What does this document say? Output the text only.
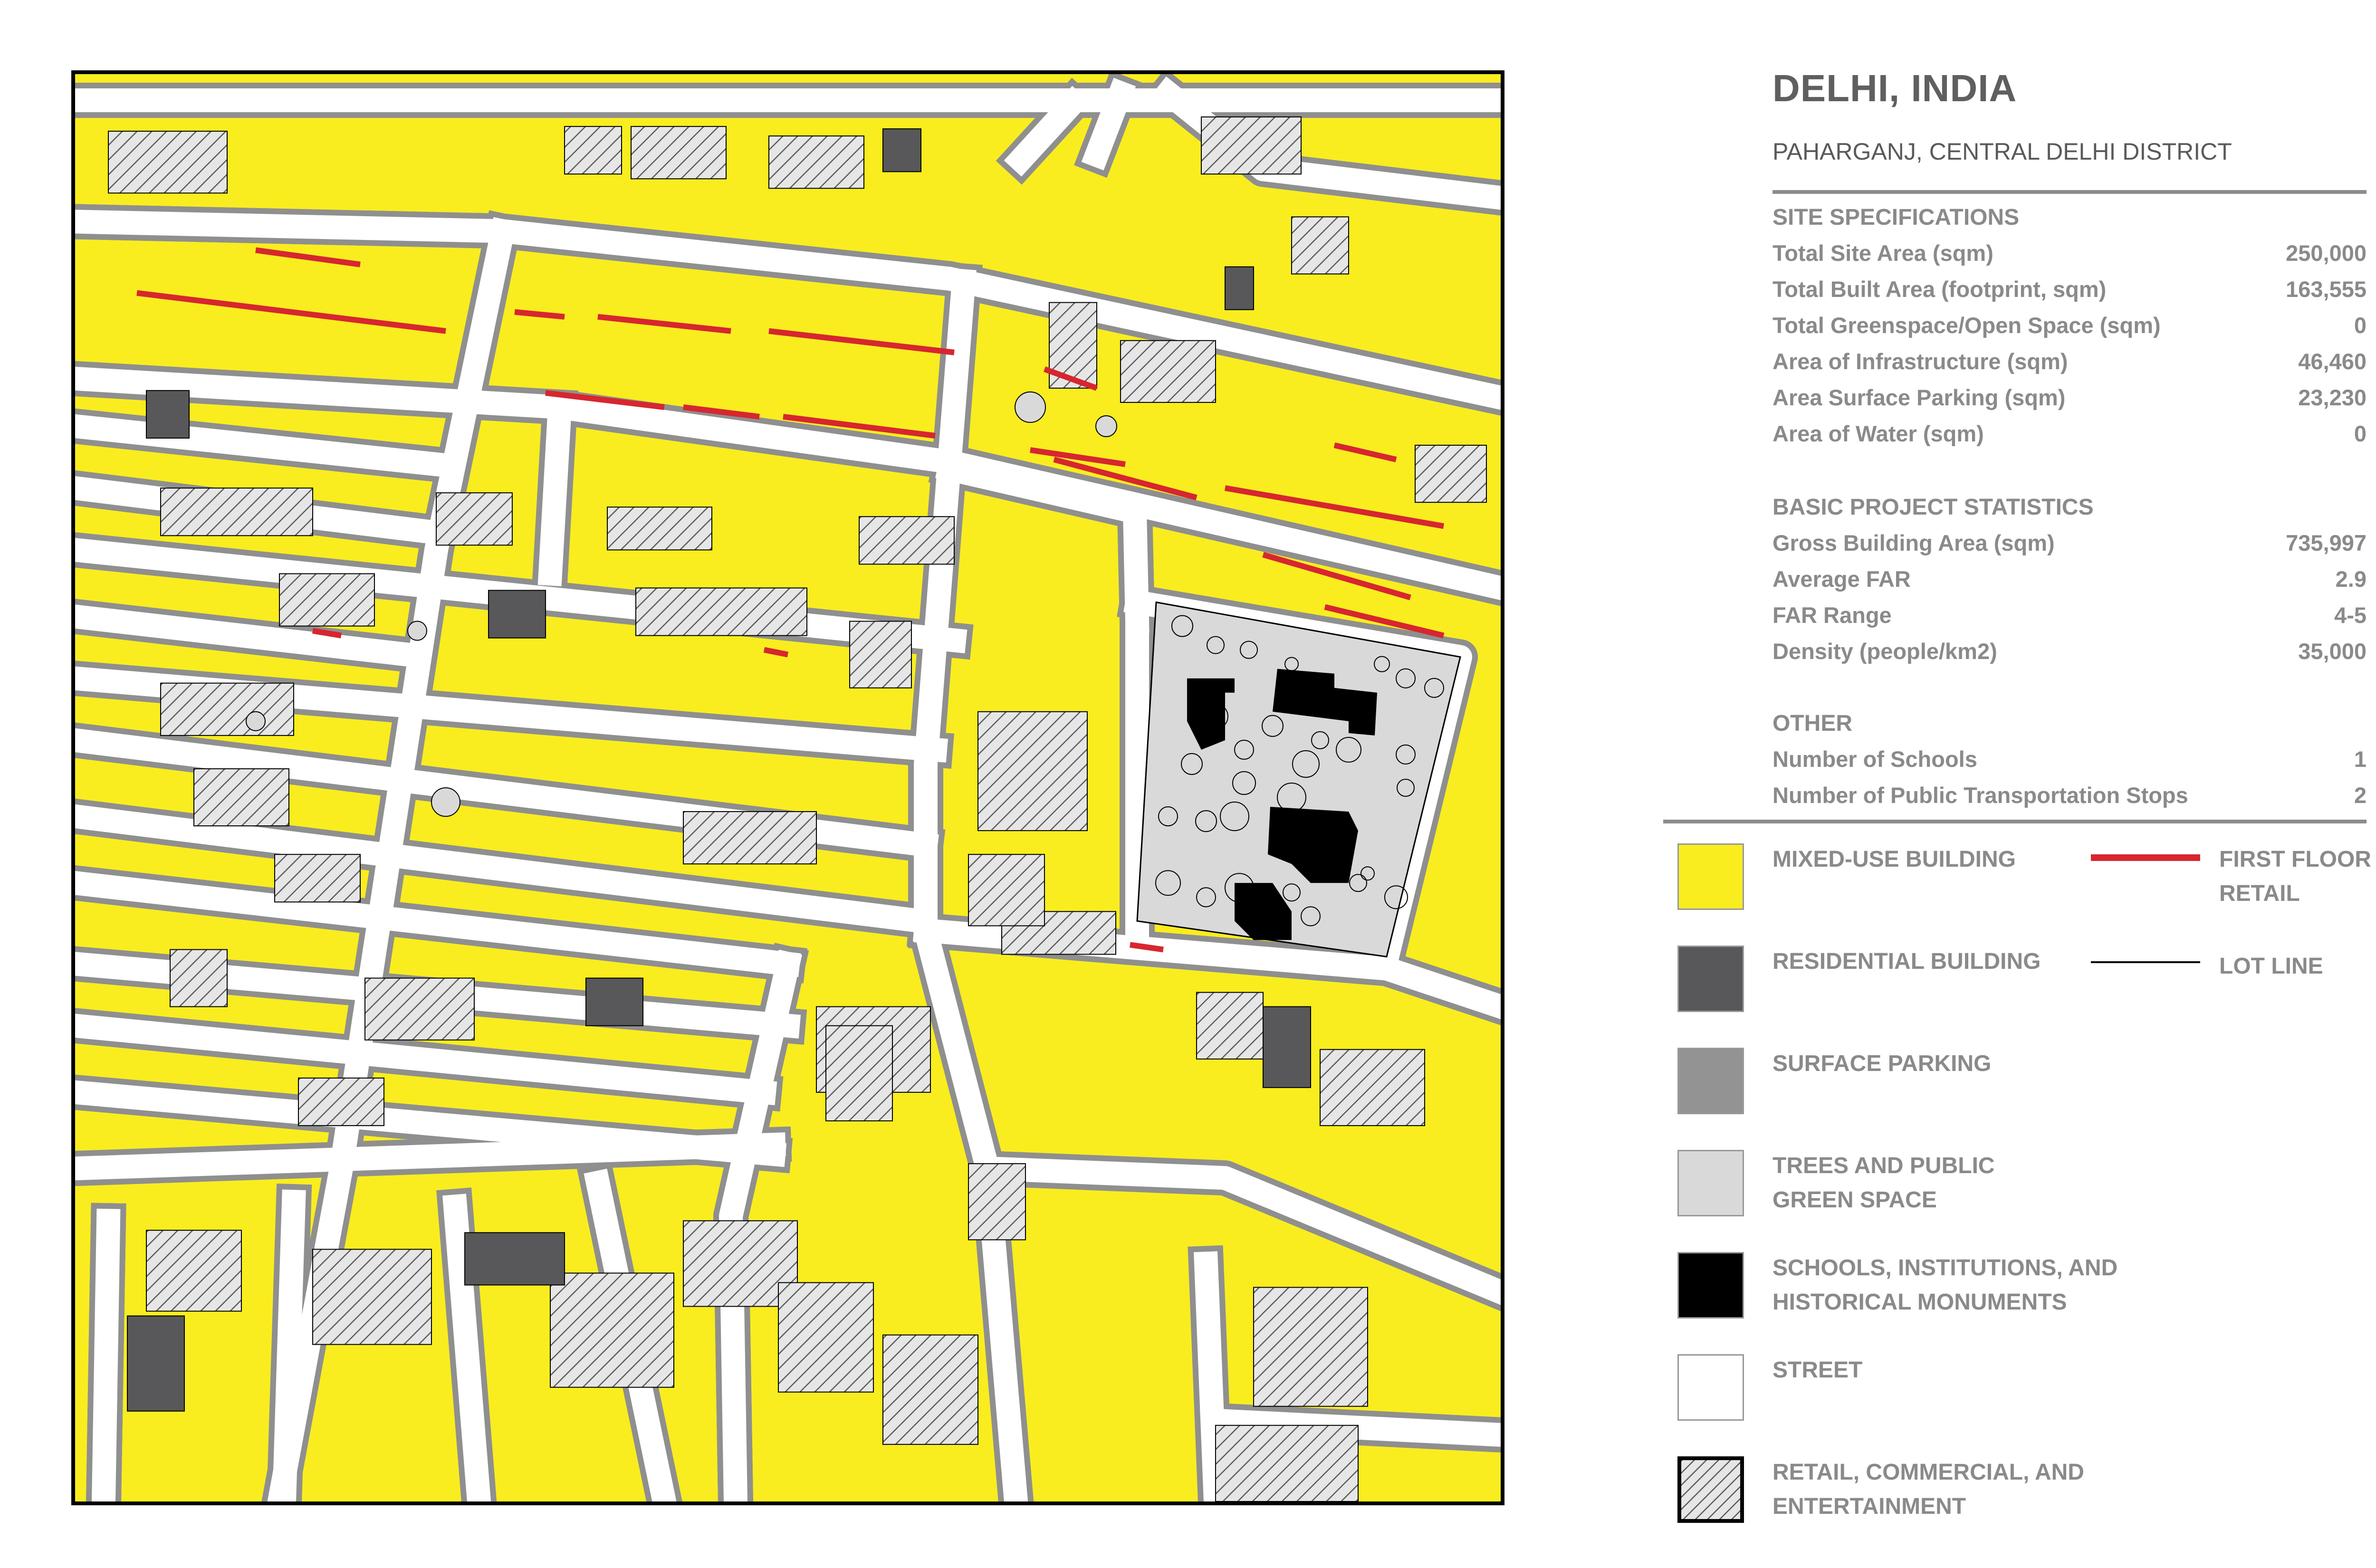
DELHI, INDIA
PAHARGANJ, CENTRAL DELHI DISTRICT
SITE SPECIFICATIONS
Total Site Area (sqm)	250,000
Total Built Area (footprint, sqm)	163,555
Total Greenspace/Open Space (sqm)	0
Area of Infrastructure (sqm)	46,460
Area Surface Parking (sqm)	23,230
Area of Water (sqm)	0
BASIC PROJECT STATISTICS
Gross Building Area (sqm)	735,997
Average FAR	2.9
FAR Range	4-5
Density (people/km2)	35,000
OTHER
Number of Schools	1
Number of Public Transportation Stops	2
MIXED-USE BUILDING	FIRST FLOOR
RETAIL
RESIDENTIAL BUILDING	LOT LINE
SURFACE PARKING
TREES AND PUBLIC
GREEN SPACE
SCHOOLS, INSTITUTIONS, AND
HISTORICAL MONUMENTS
STREET
RETAIL, COMMERCIAL, AND
ENTERTAINMENT
